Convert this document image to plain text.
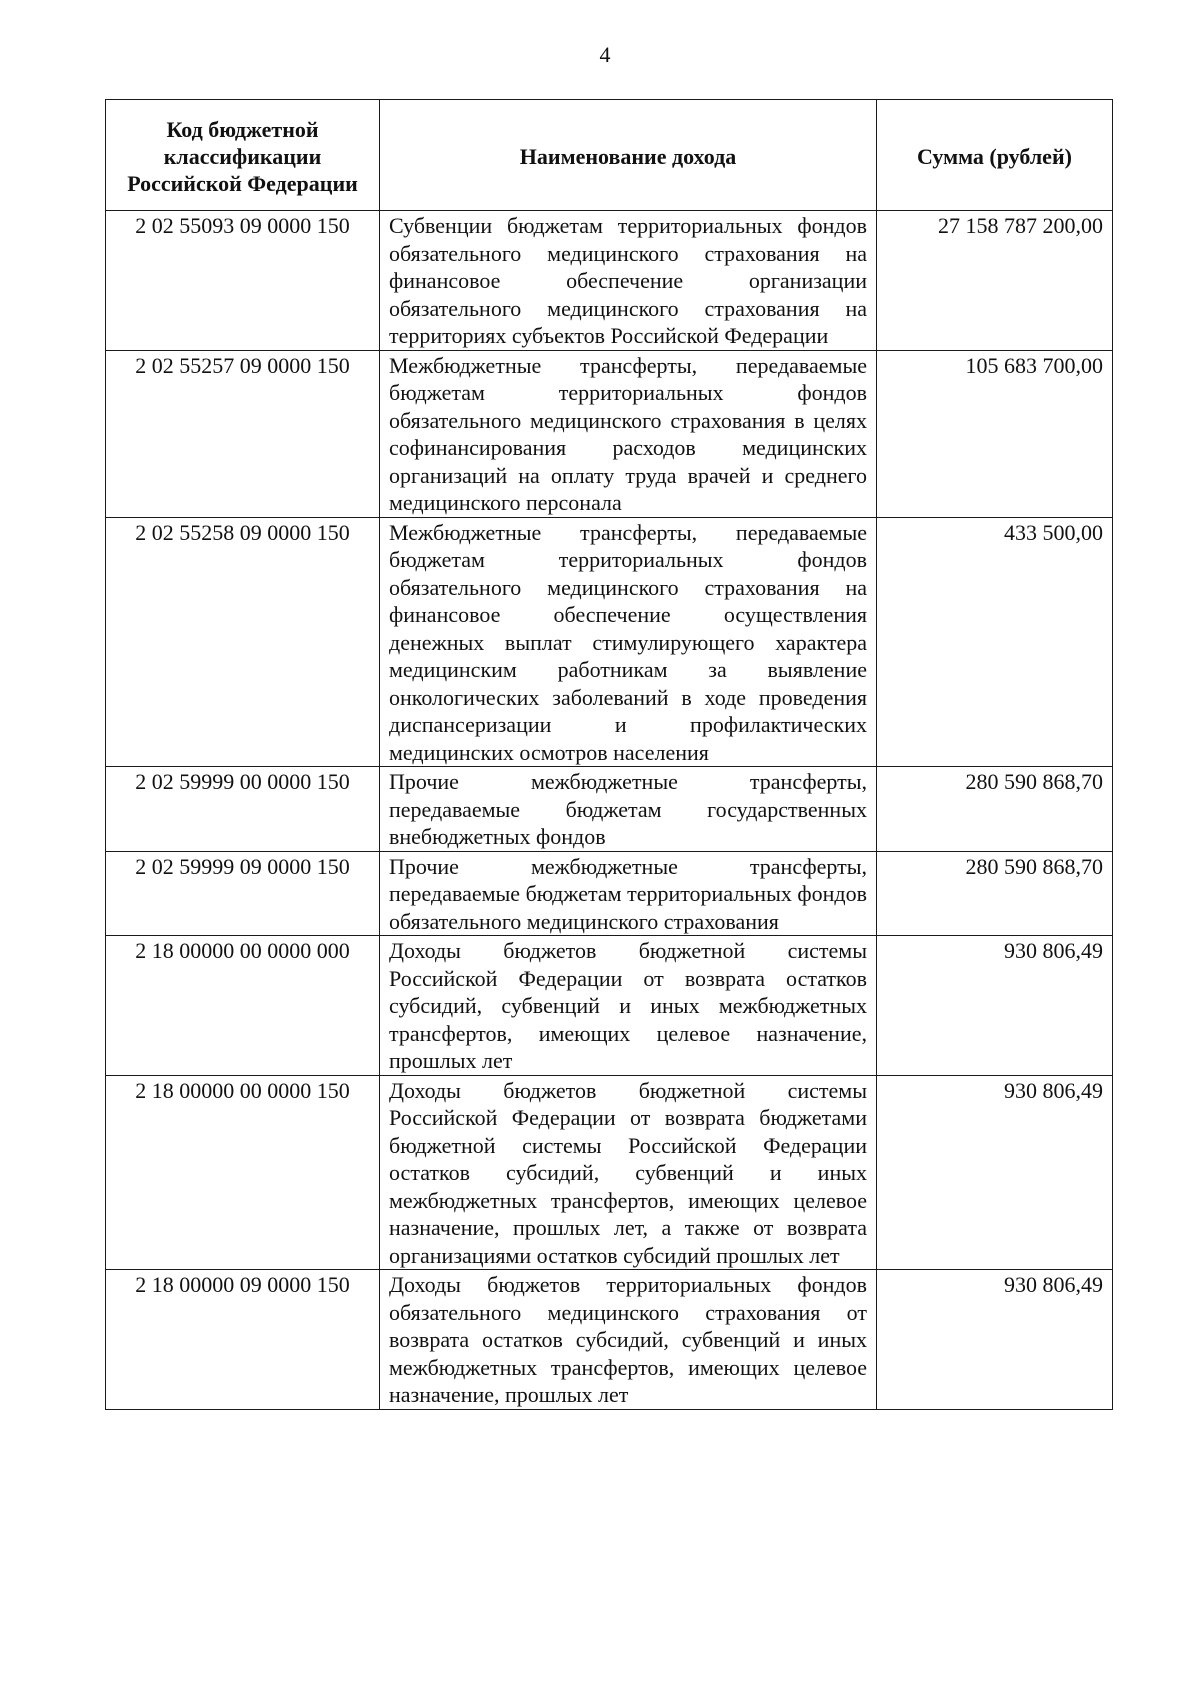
4
Код бюджетной классификации Российской Федерации	Наименование дохода	Сумма (рублей)
2 02 55093 09 0000 150	Субвенции бюджетам территориальных фондов обязательного медицинского страхования на финансовое обеспечение организации обязательного медицинского страхования на территориях субъектов Российской Федерации	27 158 787 200,00
2 02 55257 09 0000 150	Межбюджетные трансферты, передаваемые бюджетам территориальных фондов обязательного медицинского страхования в целях софинансирования расходов медицинских организаций на оплату труда врачей и среднего медицинского персонала	105 683 700,00
2 02 55258 09 0000 150	Межбюджетные трансферты, передаваемые бюджетам территориальных фондов обязательного медицинского страхования на финансовое обеспечение осуществления денежных выплат стимулирующего характера медицинским работникам за выявление онкологических заболеваний в ходе проведения диспансеризации и профилактических медицинских осмотров населения	433 500,00
2 02 59999 00 0000 150	Прочие межбюджетные трансферты, передаваемые бюджетам государственных внебюджетных фондов	280 590 868,70
2 02 59999 09 0000 150	Прочие межбюджетные трансферты, передаваемые бюджетам территориальных фондов обязательного медицинского страхования	280 590 868,70
2 18 00000 00 0000 000	Доходы бюджетов бюджетной системы Российской Федерации от возврата остатков субсидий, субвенций и иных межбюджетных трансфертов, имеющих целевое назначение, прошлых лет	930 806,49
2 18 00000 00 0000 150	Доходы бюджетов бюджетной системы Российской Федерации от возврата бюджетами бюджетной системы Российской Федерации остатков субсидий, субвенций и иных межбюджетных трансфертов, имеющих целевое назначение, прошлых лет, а также от возврата организациями остатков субсидий прошлых лет	930 806,49
2 18 00000 09 0000 150	Доходы бюджетов территориальных фондов обязательного медицинского страхования от возврата остатков субсидий, субвенций и иных межбюджетных трансфертов, имеющих целевое назначение, прошлых лет	930 806,49
